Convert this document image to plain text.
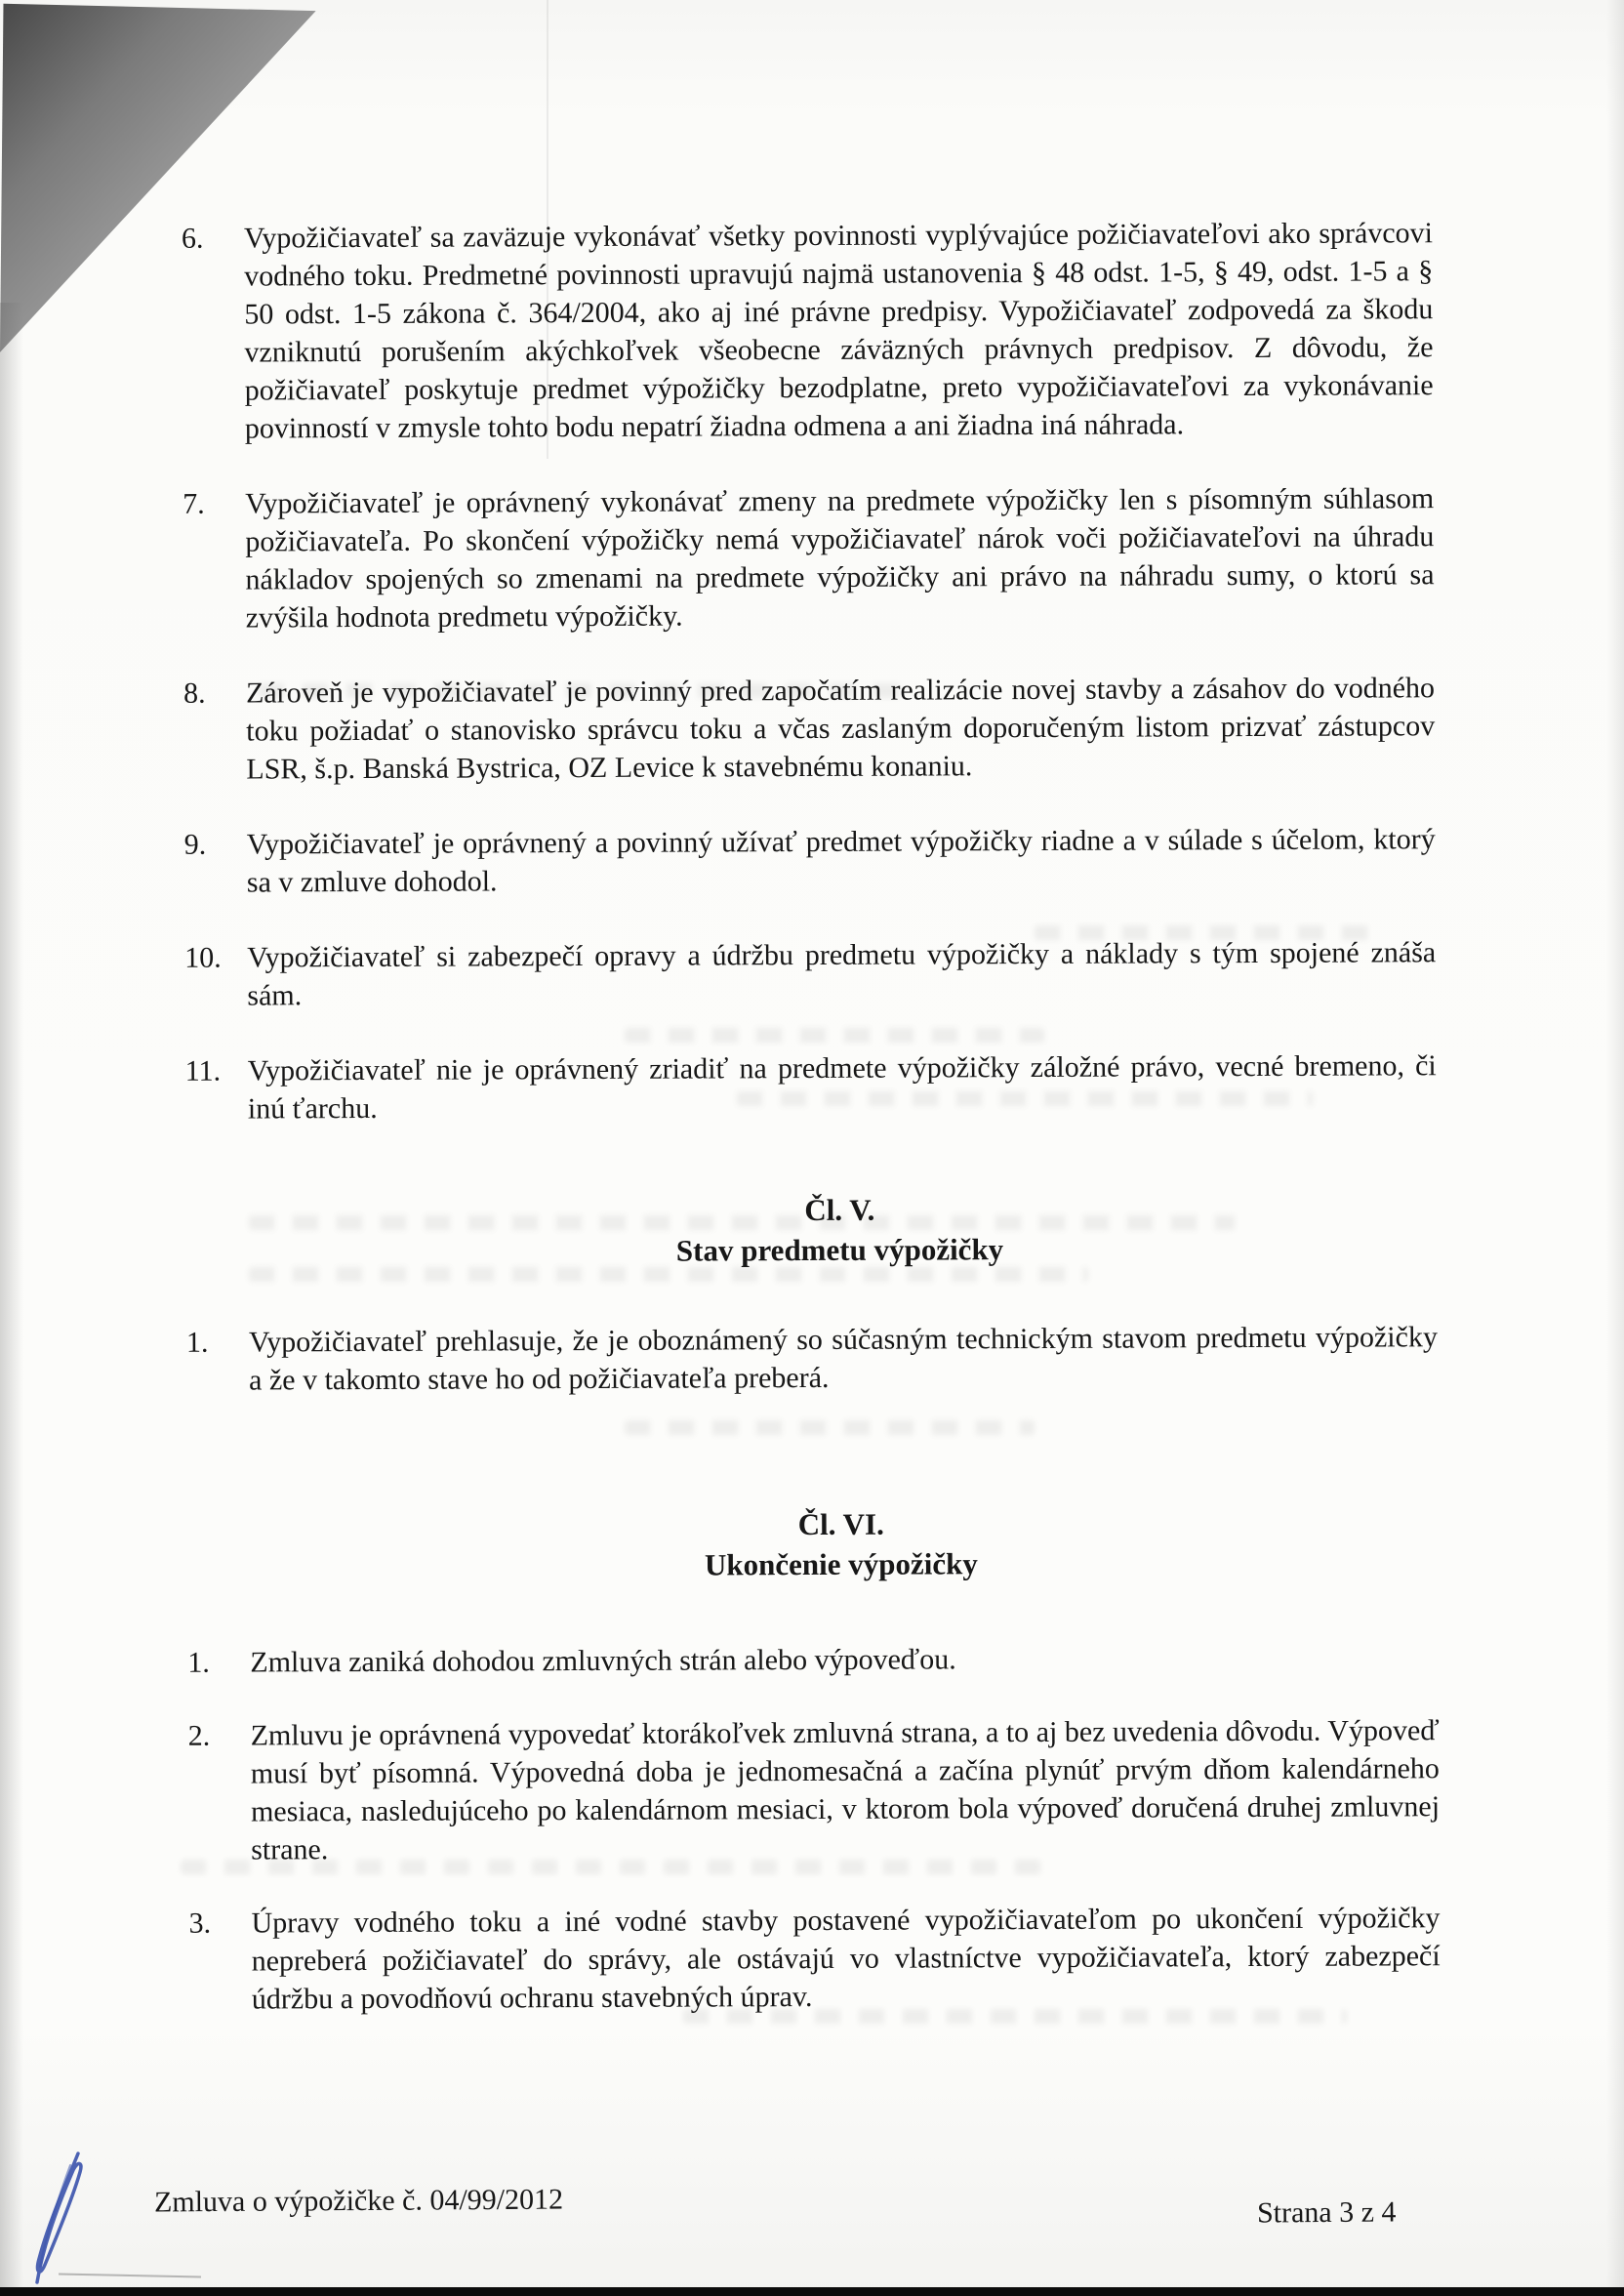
6.	Vypožičiavateľ sa zaväzuje vykonávať všetky povinnosti vyplývajúce požičiavateľovi ako správcovi vodného toku. Predmetné povinnosti upravujú najmä ustanovenia § 48 odst. 1-5, § 49, odst. 1-5 a § 50 odst. 1-5 zákona č. 364/2004, ako aj iné právne predpisy. Vypožičiavateľ zodpovedá za škodu vzniknutú porušením akýchkoľvek všeobecne záväzných právnych predpisov. Z dôvodu, že požičiavateľ poskytuje predmet výpožičky bezodplatne, preto vypožičiavateľovi za vykonávanie povinností v zmysle tohto bodu nepatrí žiadna odmena a ani žiadna iná náhrada.
7.	Vypožičiavateľ je oprávnený vykonávať zmeny na predmete výpožičky len s písomným súhlasom požičiavateľa. Po skončení výpožičky nemá vypožičiavateľ nárok voči požičiavateľovi na úhradu nákladov spojených so zmenami na predmete výpožičky ani právo na náhradu sumy, o ktorú sa zvýšila hodnota predmetu výpožičky.
8.	Zároveň je vypožičiavateľ je povinný pred započatím realizácie novej stavby a zásahov do vodného toku požiadať o stanovisko správcu toku a včas zaslaným doporučeným listom prizvať zástupcov LSR, š.p. Banská Bystrica, OZ Levice k stavebnému konaniu.
9.	Vypožičiavateľ je oprávnený a povinný užívať predmet výpožičky riadne a v súlade s účelom, ktorý sa v zmluve dohodol.
10. Vypožičiavateľ si zabezpečí opravy a údržbu predmetu výpožičky a náklady s tým spojené znáša sám.
11. Vypožičiavateľ nie je oprávnený zriadiť na predmete výpožičky záložné právo, vecné bremeno, či inú ťarchu.
Čl. V.
Stav predmetu výpožičky
1.	Vypožičiavateľ prehlasuje, že je oboznámený so súčasným technickým stavom predmetu výpožičky a že v takomto stave ho od požičiavateľa preberá.
Čl. VI.
Ukončenie výpožičky
1.	Zmluva zaniká dohodou zmluvných strán alebo výpoveďou.
2.	Zmluvu je oprávnená vypovedať ktorákoľvek zmluvná strana, a to aj bez uvedenia dôvodu. Výpoveď musí byť písomná. Výpovedná doba je jednomesačná a začína plynúť prvým dňom kalendárneho mesiaca, nasledujúceho po kalendárnom mesiaci, v ktorom bola výpoveď doručená druhej zmluvnej strane.
3.	Úpravy vodného toku a iné vodné stavby postavené vypožičiavateľom po ukončení výpožičky nepreberá požičiavateľ do správy, ale ostávajú vo vlastníctve vypožičiavateľa, ktorý zabezpečí údržbu a povodňovú ochranu stavebných úprav.
Zmluva o výpožičke č. 04/99/2012	Strana 3 z 4
